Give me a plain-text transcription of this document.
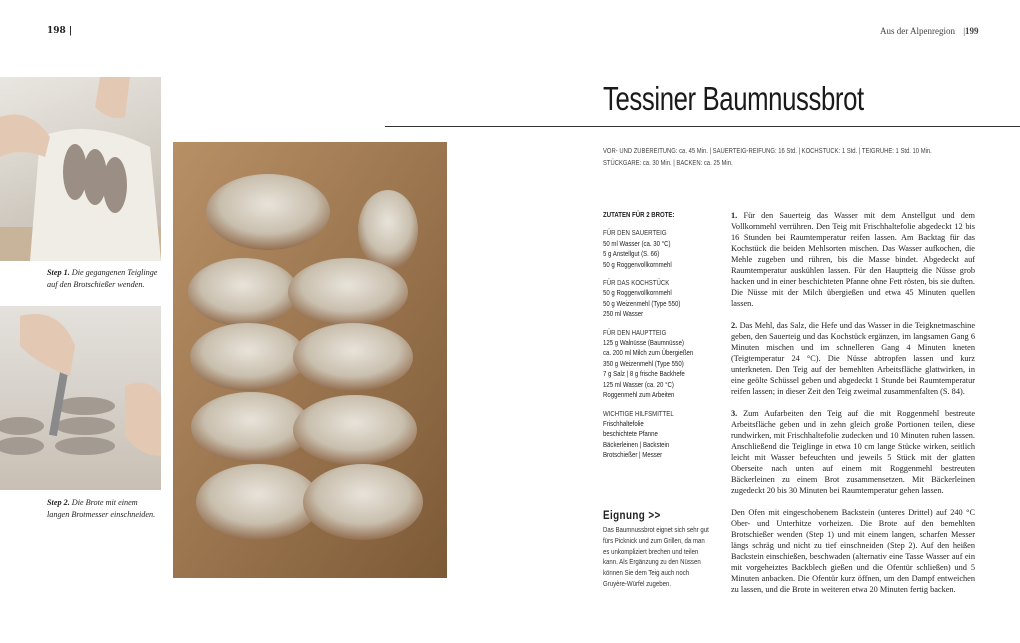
198 |	Aus der Alpenregion |199
Step 1. Die gegangenen Teiglinge auf den Brotschießer wenden.
Step 2. Die Brote mit einem langen Brotmesser einschneiden.
Tessiner Baumnussbrot
VOR- UND ZUBEREITUNG: ca. 45 Min. | SAUERTEIG-REIFUNG: 16 Std. | KOCHSTÜCK: 1 Std. | TEIGRUHE: 1 Std. 10 Min.
STÜCKGARE: ca. 30 Min. | BACKEN: ca. 25 Min.
ZUTATEN FÜR 2 BROTE:
FÜR DEN SAUERTEIG
50 ml Wasser (ca. 30 °C)
5 g Anstellgut (S. 66)
50 g Roggenvollkornmehl
FÜR DAS KOCHSTÜCK
50 g Roggenvollkornmehl
50 g Weizenmehl (Type 550)
250 ml Wasser
FÜR DEN HAUPTTEIG
125 g Walnüsse (Baumnüsse)
ca. 200 ml Milch zum Übergießen
350 g Weizenmehl (Type 550)
7 g Salz | 8 g frische Backhefe
125 ml Wasser (ca. 20 °C)
Roggenmehl zum Arbeiten
WICHTIGE HILFSMITTEL
Frischhaltefolie
beschichtete Pfanne
Bäckerleinen | Backstein
Brotschießer | Messer
Eignung >>
Das Baumnussbrot eignet sich sehr gut fürs Picknick und zum Grillen, da man es unkompliziert brechen und teilen kann. Als Ergänzung zu den Nüssen können Sie dem Teig auch noch Gruyère-Würfel zugeben.

1. Für den Sauerteig das Wasser mit dem Anstellgut und dem Vollkornmehl verrühren. Den Teig mit Frischhaltefolie abgedeckt 12 bis 16 Stunden bei Raumtemperatur reifen lassen. Am Backtag für das Kochstück die beiden Mehlsorten mischen. Das Wasser aufkochen, die Mehle zugeben und rühren, bis die Masse bindet. Abgedeckt auf Raumtemperatur auskühlen lassen. Für den Hauptteig die Nüsse grob hacken und in einer beschichteten Pfanne ohne Fett rösten, bis sie duften. Die Nüsse mit der Milch übergießen und etwa 45 Minuten quellen lassen.

2. Das Mehl, das Salz, die Hefe und das Wasser in die Teigknetmaschine geben, den Sauerteig und das Kochstück ergänzen, im langsamen Gang 6 Minuten mischen und im schnelleren Gang 4 Minuten kneten (Teigtemperatur 24 °C). Die Nüsse abtropfen lassen und kurz unterkneten. Den Teig auf der bemehlten Arbeitsfläche glattwirken, in eine geölte Schüssel geben und abgedeckt 1 Stunde bei Raumtemperatur reifen lassen; in dieser Zeit den Teig zweimal zusammenfalten (S. 84).

3. Zum Aufarbeiten den Teig auf die mit Roggenmehl bestreute Arbeitsfläche geben und in zehn gleich große Portionen teilen, diese rundwirken, mit Frischhaltefolie zudecken und 10 Minuten ruhen lassen. Anschließend die Teiglinge in etwa 10 cm lange Stücke wirken, seitlich leicht mit Wasser befeuchten und jeweils 5 Stück mit der glatten Oberseite nach unten auf einem mit Roggenmehl bestreuten Bäckerleinen zu einem Brot zusammensetzen. Mit Bäckerleinen zugedeckt 20 bis 30 Minuten bei Raumtemperatur gehen lassen.

Den Ofen mit eingeschobenem Backstein (unteres Drittel) auf 240 °C Ober- und Unterhitze vorheizen. Die Brote auf den bemehlten Brotschießer wenden (Step 1) und mit einem langen, scharfen Messer längs schräg und nicht zu tief einschneiden (Step 2). Auf den heißen Backstein einschießen, beschwaden (alternativ eine Tasse Wasser auf ein mit vorgeheiztes Backblech gießen und die Ofentür schließen) und 5 Minuten anbacken. Die Ofentür kurz öffnen, um den Dampf entweichen zu lassen, und die Brote in weiteren etwa 20 Minuten fertig backen.
